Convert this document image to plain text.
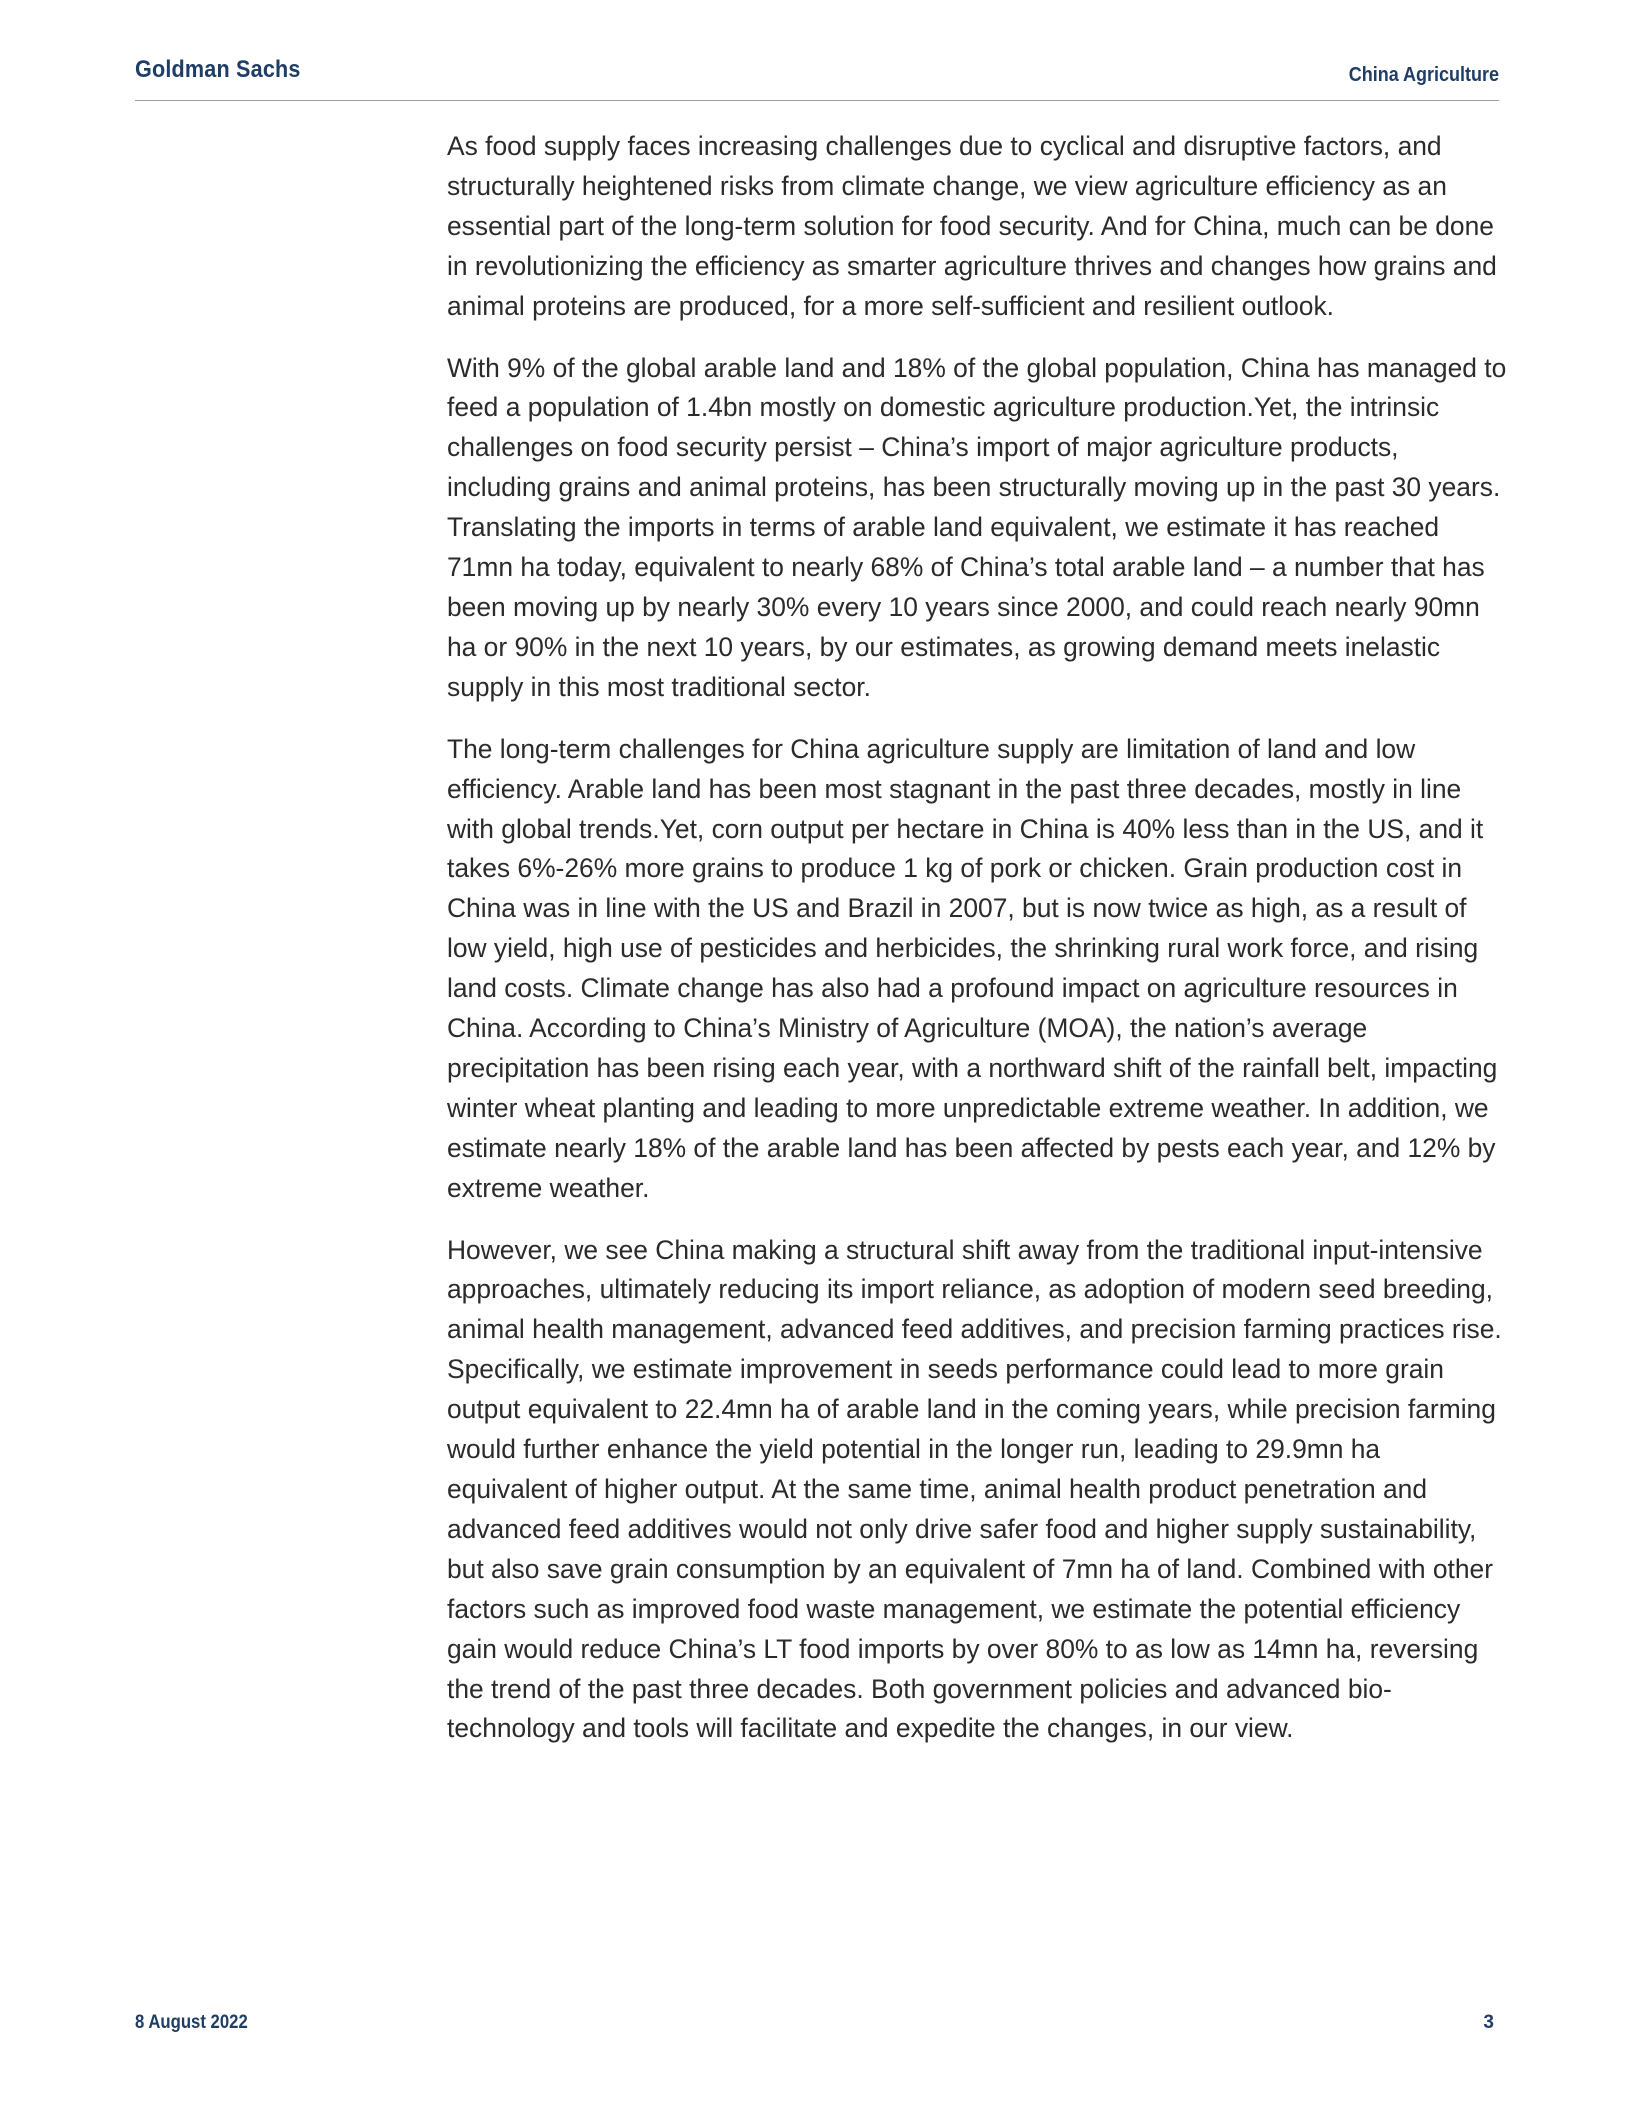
Goldman Sachs	China Agriculture

As food supply faces increasing challenges due to cyclical and disruptive factors, and structurally heightened risks from climate change, we view agriculture efficiency as an essential part of the long-term solution for food security. And for China, much can be done in revolutionizing the efficiency as smarter agriculture thrives and changes how grains and animal proteins are produced, for a more self-sufficient and resilient outlook.

With 9% of the global arable land and 18% of the global population, China has managed to feed a population of 1.4bn mostly on domestic agriculture production.Yet, the intrinsic challenges on food security persist – China’s import of major agriculture products, including grains and animal proteins, has been structurally moving up in the past 30 years. Translating the imports in terms of arable land equivalent, we estimate it has reached 71mn ha today, equivalent to nearly 68% of China’s total arable land – a number that has been moving up by nearly 30% every 10 years since 2000, and could reach nearly 90mn ha or 90% in the next 10 years, by our estimates, as growing demand meets inelastic supply in this most traditional sector.

The long-term challenges for China agriculture supply are limitation of land and low efficiency. Arable land has been most stagnant in the past three decades, mostly in line with global trends.Yet, corn output per hectare in China is 40% less than in the US, and it takes 6%-26% more grains to produce 1 kg of pork or chicken. Grain production cost in China was in line with the US and Brazil in 2007, but is now twice as high, as a result of low yield, high use of pesticides and herbicides, the shrinking rural work force, and rising land costs. Climate change has also had a profound impact on agriculture resources in China. According to China’s Ministry of Agriculture (MOA), the nation’s average precipitation has been rising each year, with a northward shift of the rainfall belt, impacting winter wheat planting and leading to more unpredictable extreme weather. In addition, we estimate nearly 18% of the arable land has been affected by pests each year, and 12% by extreme weather.

However, we see China making a structural shift away from the traditional input-intensive approaches, ultimately reducing its import reliance, as adoption of modern seed breeding, animal health management, advanced feed additives, and precision farming practices rise. Specifically, we estimate improvement in seeds performance could lead to more grain output equivalent to 22.4mn ha of arable land in the coming years, while precision farming would further enhance the yield potential in the longer run, leading to 29.9mn ha equivalent of higher output. At the same time, animal health product penetration and advanced feed additives would not only drive safer food and higher supply sustainability, but also save grain consumption by an equivalent of 7mn ha of land. Combined with other factors such as improved food waste management, we estimate the potential efficiency gain would reduce China’s LT food imports by over 80% to as low as 14mn ha, reversing the trend of the past three decades. Both government policies and advanced bio-technology and tools will facilitate and expedite the changes, in our view.

8 August 2022	3
